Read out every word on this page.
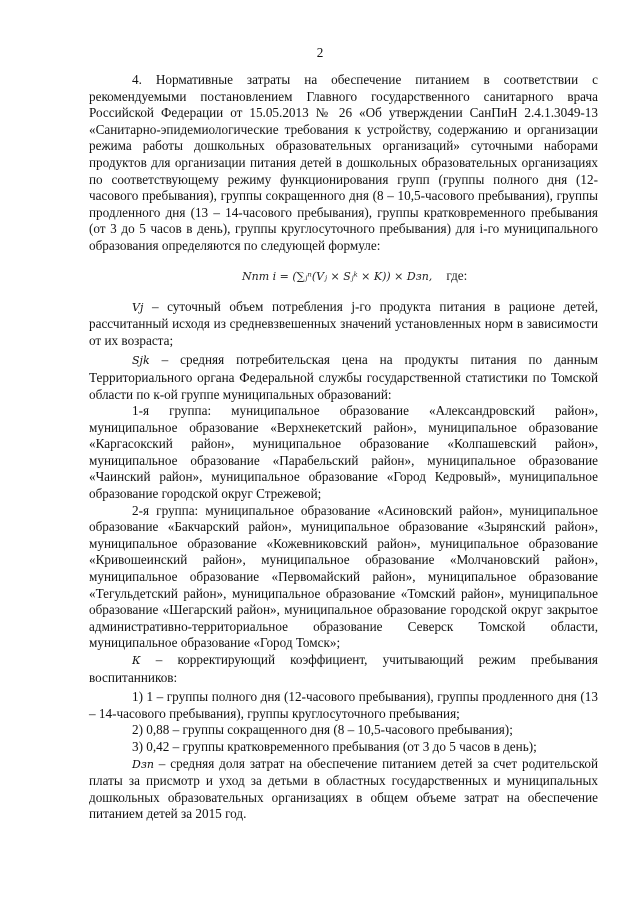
2

4. Нормативные затраты на обеспечение питанием в соответствии с рекомендуемыми постановлением Главного государственного санитарного врача Российской Федерации от 15.05.2013 № 26 «Об утверждении СанПиН 2.4.1.3049-13 «Санитарно-эпидемиологические требования к устройству, содержанию и организации режима работы дошкольных образовательных организаций» суточными наборами продуктов для организации питания детей в дошкольных образовательных организациях по соответствующему режиму функционирования групп (группы полного дня (12-часового пребывания), группы сокращенного дня (8 – 10,5-часового пребывания), группы продленного дня (13 – 14-часового пребывания), группы кратковременного пребывания (от 3 до 5 часов в день), группы круглосуточного пребывания) для i-го муниципального образования определяются по следующей формуле:

Nпт i = (∑ⱼⁿ(Vⱼ × Sⱼᵏ × K)) × Dзп, где:

Vj – суточный объем потребления j-го продукта питания в рационе детей, рассчитанный исходя из средневзвешенных значений установленных норм в зависимости от их возраста;

Sjk – средняя потребительская цена на продукты питания по данным Территориального органа Федеральной службы государственной статистики по Томской области по к-ой группе муниципальных образований:

1-я группа: муниципальное образование «Александровский район», муниципальное образование «Верхнекетский район», муниципальное образование «Каргасокский район», муниципальное образование «Колпашевский район», муниципальное образование «Парабельский район», муниципальное образование «Чаинский район», муниципальное образование «Город Кедровый», муниципальное образование городской округ Стрежевой;

2-я группа: муниципальное образование «Асиновский район», муниципальное образование «Бакчарский район», муниципальное образование «Зырянский район», муниципальное образование «Кожевниковский район», муниципальное образование «Кривошеинский район», муниципальное образование «Молчановский район», муниципальное образование «Первомайский район», муниципальное образование «Тегульдетский район», муниципальное образование «Томский район», муниципальное образование «Шегарский район», муниципальное образование городской округ закрытое административно-территориальное образование Северск Томской области, муниципальное образование «Город Томск»;

К – корректирующий коэффициент, учитывающий режим пребывания воспитанников:

1) 1 – группы полного дня (12-часового пребывания), группы продленного дня (13 – 14-часового пребывания), группы круглосуточного пребывания;

2) 0,88 – группы сокращенного дня (8 – 10,5-часового пребывания);

3) 0,42 – группы кратковременного пребывания (от 3 до 5 часов в день);

Dзп – средняя доля затрат на обеспечение питанием детей за счет родительской платы за присмотр и уход за детьми в областных государственных и муниципальных дошкольных образовательных организациях в общем объеме затрат на обеспечение питанием детей за 2015 год.
